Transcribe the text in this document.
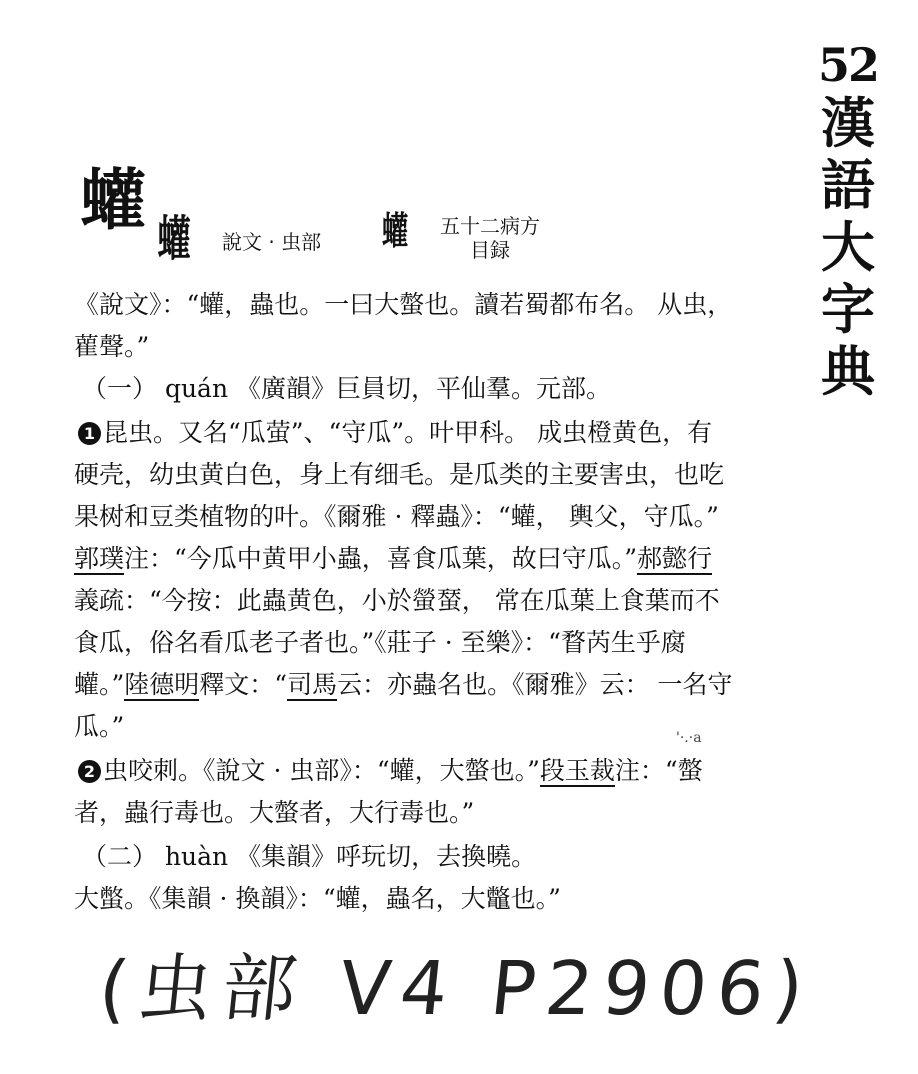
52
漢
語
大
字
典
蠸 蠸 說文 · 虫部 蠸 五十二病方
目録
《說文》：“蠸，蟲也。一曰大螫也。讀若蜀都布名。 从虫，
雚聲。”
（一） quán 《廣韻》巨員切，平仙羣。元部。
1 昆虫。又名“瓜萤”、“守瓜”。叶甲科。 成虫橙黄色，有
硬壳，幼虫黄白色，身上有细毛。是瓜类的主要害虫，也吃
果树和豆类植物的叶。《爾雅 · 釋蟲》：“蠸， 輿父，守瓜。”
郭璞注：“今瓜中黄甲小蟲，喜食瓜葉，故曰守瓜。”郝懿行
義疏：“今按：此蟲黄色，小於螢蝅， 常在瓜葉上食葉而不
食瓜，俗名看瓜老子者也。”《莊子 · 至樂》：“瞀芮生乎腐
蠸。”陸德明釋文：“司馬云：亦蟲名也。《爾雅》云： 一名守
瓜。”	'·.·a
2 虫咬刺。《說文 · 虫部》：“蠸，大螫也。”段玉裁注：“螫
者，蟲行毒也。大螫者，大行毒也。”
（二） huàn 《集韻》呼玩切，去換曉。
大蟞。《集韻 · 換韻》：“蠸，蟲名，大鼈也。”
(虫部 V4 P2906)
